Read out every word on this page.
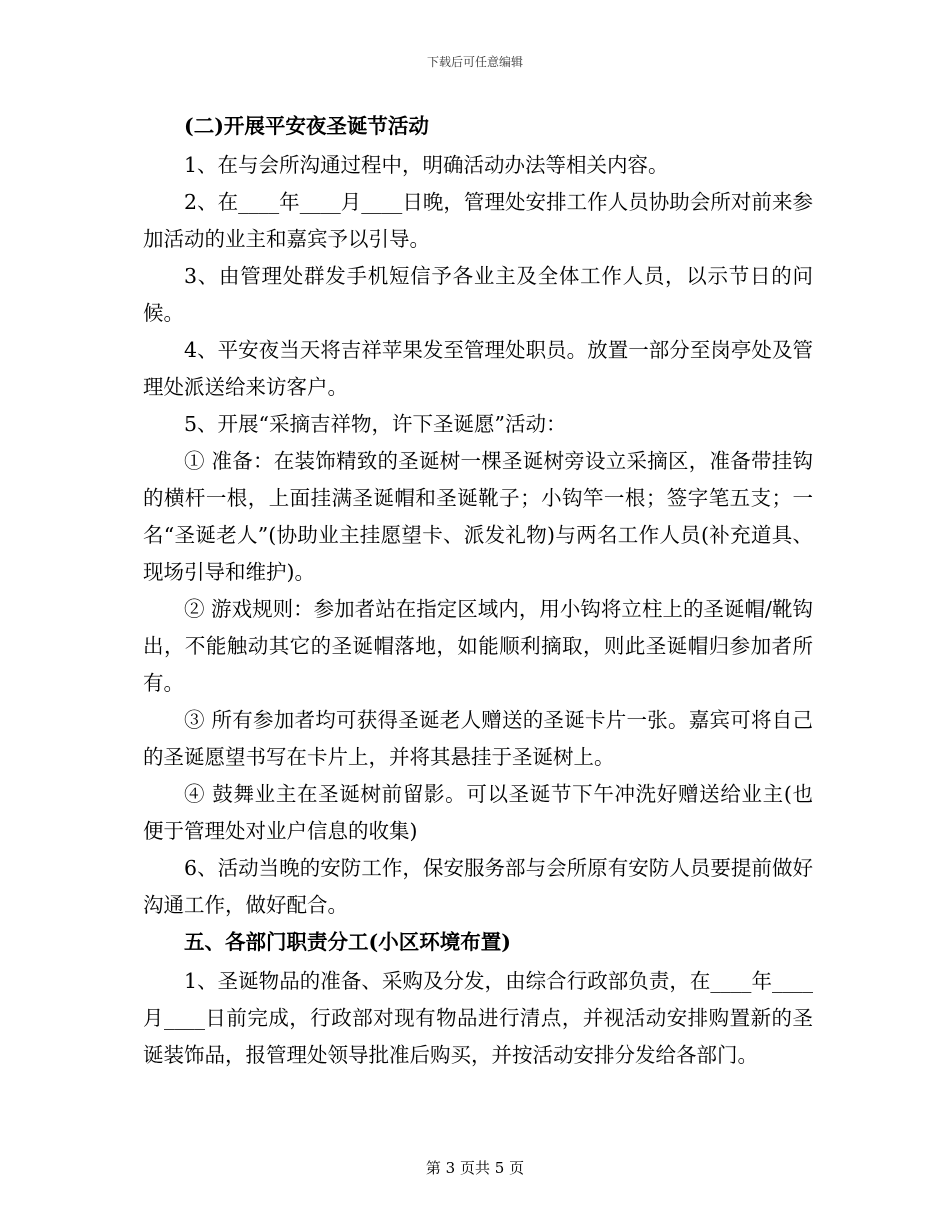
下载后可任意编辑

(二)开展平安夜圣诞节活动

1、在与会所沟通过程中，明确活动办法等相关内容。

2、在____年____月____日晚，管理处安排工作人员协助会所对前来参加活动的业主和嘉宾予以引导。

3、由管理处群发手机短信予各业主及全体工作人员，以示节日的问候。

4、平安夜当天将吉祥苹果发至管理处职员。放置一部分至岗亭处及管理处派送给来访客户。

5、开展“采摘吉祥物，许下圣诞愿”活动：

① 准备：在装饰精致的圣诞树一棵圣诞树旁设立采摘区，准备带挂钩的横杆一根，上面挂满圣诞帽和圣诞靴子；小钩竿一根；签字笔五支；一名“圣诞老人”(协助业主挂愿望卡、派发礼物)与两名工作人员(补充道具、现场引导和维护)。

② 游戏规则：参加者站在指定区域内，用小钩将立柱上的圣诞帽/靴钩出，不能触动其它的圣诞帽落地，如能顺利摘取，则此圣诞帽归参加者所有。

③ 所有参加者均可获得圣诞老人赠送的圣诞卡片一张。嘉宾可将自己的圣诞愿望书写在卡片上，并将其悬挂于圣诞树上。

④ 鼓舞业主在圣诞树前留影。可以圣诞节下午冲洗好赠送给业主(也便于管理处对业户信息的收集)

6、活动当晚的安防工作，保安服务部与会所原有安防人员要提前做好沟通工作，做好配合。

五、各部门职责分工(小区环境布置)

1、圣诞物品的准备、采购及分发，由综合行政部负责，在____年____月____日前完成，行政部对现有物品进行清点，并视活动安排购置新的圣诞装饰品，报管理处领导批准后购买，并按活动安排分发给各部门。

第 3 页共 5 页
